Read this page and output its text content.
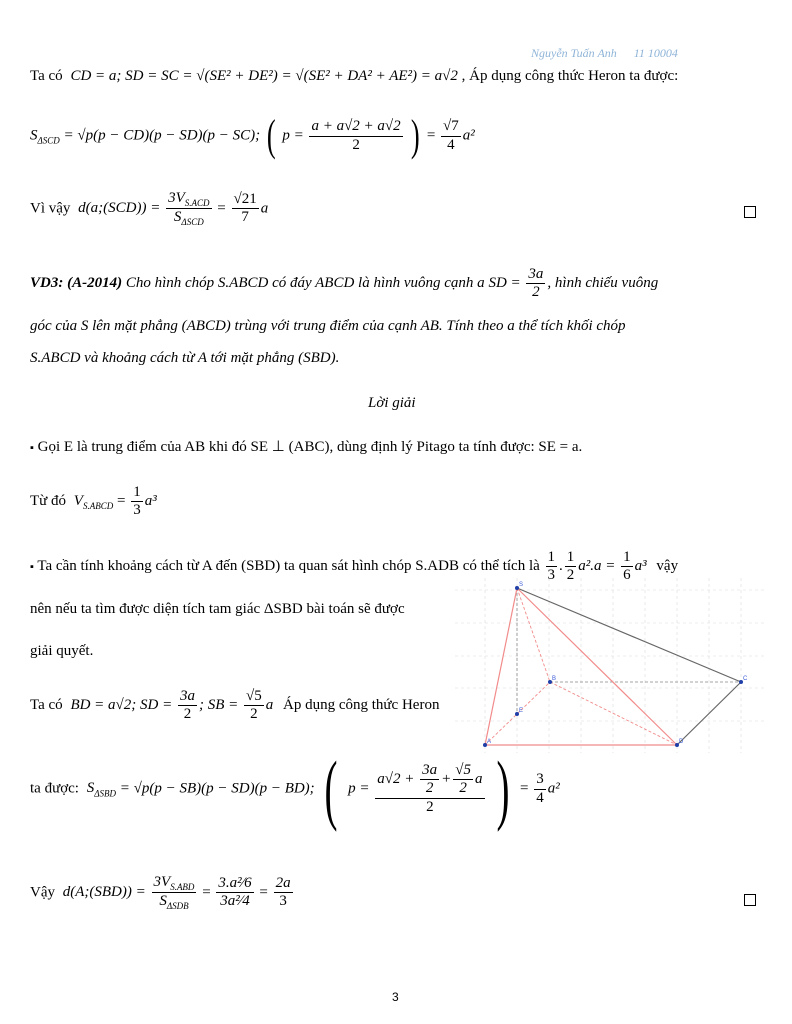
Nguyễn Tuấn Anh 11 10004
Ta có CD = a; SD = SC = √(SE² + DE²) = √(SE² + DA² + AE²) = a√2 , Áp dụng công thức Heron ta được:
$S_{\Delta SCD} = √p(p - CD)(p - SD)(p - SC)$; ( $p = \frac{a + a√2 + a√2}{2}$ ) = $\frac{√7}{4} a^2$
Vì vậy d(a;(SCD)) = $\frac{3V_{S.ACD}}{S_{\Delta SCD}} = \frac{√21}{7}$ a
VD3: (A-2014) Cho hình chóp S.ABCD có đáy ABCD là hình vuông cạnh a SD = $\frac{3a}{2}$ , hình chiếu vuông
góc của S lên mặt phẳng (ABCD) trùng với trung điểm của cạnh AB. Tính theo a thể tích khối chóp
S.ABCD và khoảng cách từ A tới mặt phẳng (SBD).
Lời giải
▪ Gọi E là trung điểm của AB khi đó SE ⊥ (ABC), dùng định lý Pitago ta tính được: SE = a.
Từ đó $V_{S.ABCD} = \frac{1}{3} a^3$
▪ Ta cần tính khoảng cách từ A đến (SBD) ta quan sát hình chóp S.ADB có thể tích là $\frac{1}{3}$ . $\frac{1}{2} a^2.a = \frac{1}{6} a^3$ vậy
nên nếu ta tìm được diện tích tam giác ΔSBD bài toán sẽ được
giải quyết.
Ta có BD = a√2; SD = $\frac{3a}{2}$ ; SB = $\frac{√5}{2}$ a Áp dụng công thức Heron
ta được: $S_{\Delta SBD} = √p(p - SB)(p - SD)(p - BD)$; ( $p = \frac{a√2 + \frac{3a}{2} + \frac{√5}{2} a}{2}$ ) = $\frac{3}{4} a^2$
Vậy d(A;(SBD)) = $\frac{3V_{S.ABD}}{S_{\Delta SDB}} = \frac{\text{3.a²⁄6}}{\text{3a²⁄4}} = \frac{2a}{3}$
S
B	C
D
A
E
3
